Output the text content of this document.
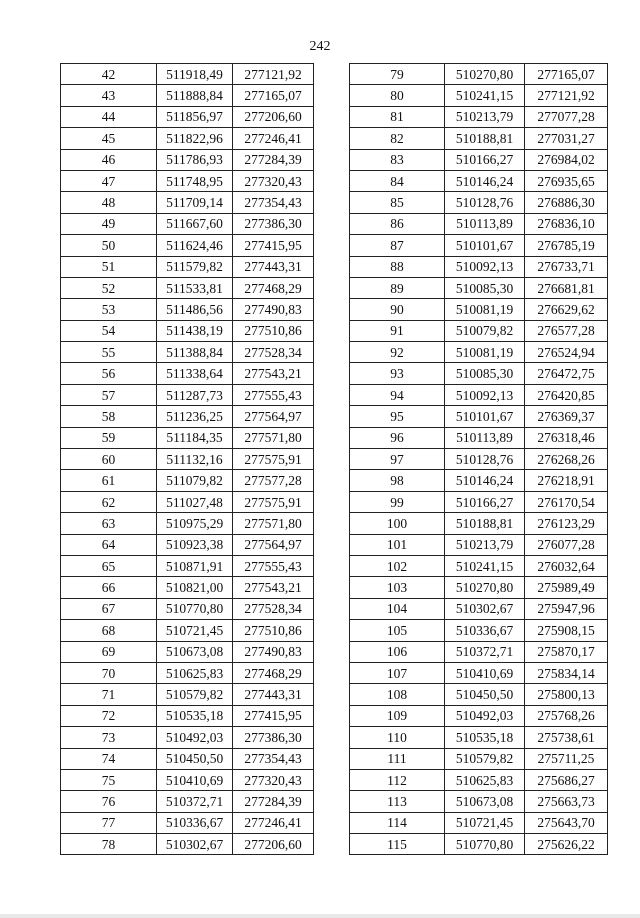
242
42	511918,49	277121,92
43	511888,84	277165,07
44	511856,97	277206,60
45	511822,96	277246,41
46	511786,93	277284,39
47	511748,95	277320,43
48	511709,14	277354,43
49	511667,60	277386,30
50	511624,46	277415,95
51	511579,82	277443,31
52	511533,81	277468,29
53	511486,56	277490,83
54	511438,19	277510,86
55	511388,84	277528,34
56	511338,64	277543,21
57	511287,73	277555,43
58	511236,25	277564,97
59	511184,35	277571,80
60	511132,16	277575,91
61	511079,82	277577,28
62	511027,48	277575,91
63	510975,29	277571,80
64	510923,38	277564,97
65	510871,91	277555,43
66	510821,00	277543,21
67	510770,80	277528,34
68	510721,45	277510,86
69	510673,08	277490,83
70	510625,83	277468,29
71	510579,82	277443,31
72	510535,18	277415,95
73	510492,03	277386,30
74	510450,50	277354,43
75	510410,69	277320,43
76	510372,71	277284,39
77	510336,67	277246,41
78	510302,67	277206,60
79	510270,80	277165,07
80	510241,15	277121,92
81	510213,79	277077,28
82	510188,81	277031,27
83	510166,27	276984,02
84	510146,24	276935,65
85	510128,76	276886,30
86	510113,89	276836,10
87	510101,67	276785,19
88	510092,13	276733,71
89	510085,30	276681,81
90	510081,19	276629,62
91	510079,82	276577,28
92	510081,19	276524,94
93	510085,30	276472,75
94	510092,13	276420,85
95	510101,67	276369,37
96	510113,89	276318,46
97	510128,76	276268,26
98	510146,24	276218,91
99	510166,27	276170,54
100	510188,81	276123,29
101	510213,79	276077,28
102	510241,15	276032,64
103	510270,80	275989,49
104	510302,67	275947,96
105	510336,67	275908,15
106	510372,71	275870,17
107	510410,69	275834,14
108	510450,50	275800,13
109	510492,03	275768,26
110	510535,18	275738,61
111	510579,82	275711,25
112	510625,83	275686,27
113	510673,08	275663,73
114	510721,45	275643,70
115	510770,80	275626,22
